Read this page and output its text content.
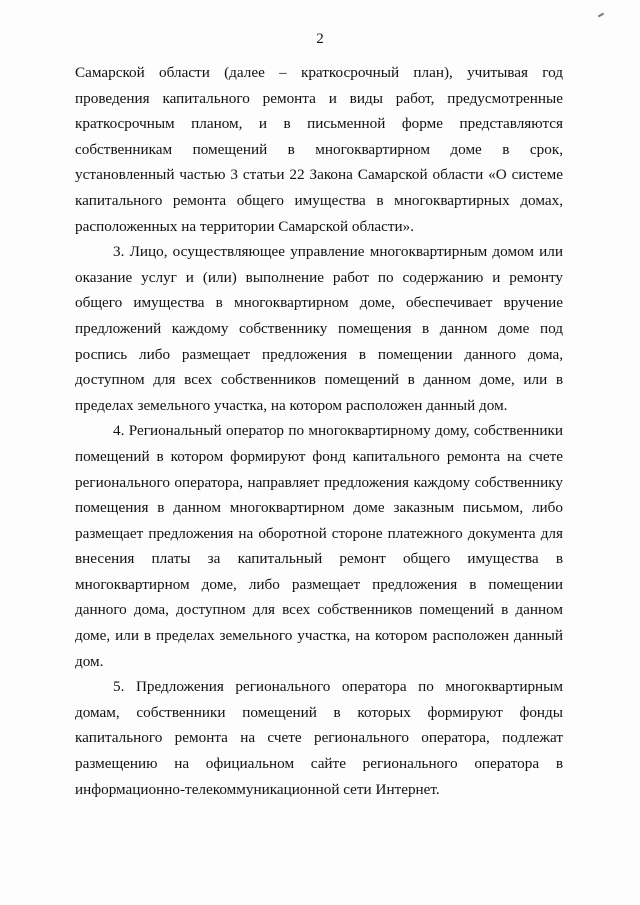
2
Самарской области (далее – краткосрочный план), учитывая год
проведения капитального ремонта и виды работ, предусмотренные
краткосрочным планом, и в письменной форме представляются
собственникам помещений в многоквартирном доме в срок,
установленный частью 3 статьи 22 Закона Самарской области «О системе
капитального ремонта общего имущества в многоквартирных домах,
расположенных на территории Самарской области».
3. Лицо, осуществляющее управление многоквартирным домом или
оказание услуг и (или) выполнение работ по содержанию и ремонту
общего имущества в многоквартирном доме, обеспечивает вручение
предложений каждому собственнику помещения в данном доме под
роспись либо размещает предложения в помещении данного дома,
доступном для всех собственников помещений в данном доме, или в
пределах земельного участка, на котором расположен данный дом.
4. Региональный оператор по многоквартирному дому, собственники
помещений в котором формируют фонд капитального ремонта на счете
регионального оператора, направляет предложения каждому собственнику
помещения в данном многоквартирном доме заказным письмом, либо
размещает предложения на оборотной стороне платежного документа для
внесения платы за капитальный ремонт общего имущества в
многоквартирном доме, либо размещает предложения в помещении
данного дома, доступном для всех собственников помещений в данном
доме, или в пределах земельного участка, на котором расположен данный
дом.
5. Предложения регионального оператора по многоквартирным
домам, собственники помещений в которых формируют фонды
капитального ремонта на счете регионального оператора, подлежат
размещению на официальном сайте регионального оператора в
информационно-телекоммуникационной сети Интернет.
